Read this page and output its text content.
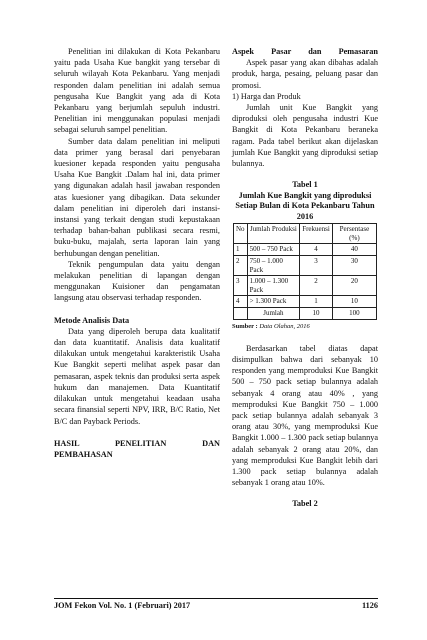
Penelitian ini dilakukan di Kota Pekanbaru yaitu pada Usaha Kue bangkit yang tersebar di seluruh wilayah Kota Pekanbaru. Yang menjadi responden dalam penelitian ini adalah semua pengusaha Kue Bangkit yang ada di Kota Pekanbaru yang berjumlah sepuluh industri. Penelitian ini menggunakan populasi menjadi sebagai seluruh sampel penelitian.

Sumber data dalam penelitian ini meliputi data primer yang berasal dari penyebaran kuesioner kepada responden yaitu pengusaha Usaha Kue Bangkit .Dalam hal ini, data primer yang digunakan adalah hasil jawaban responden atas kuesioner yang dibagikan. Data sekunder dalam penelitian ini diperoleh dari instansi-instansi yang terkait dengan studi kepustakaan terhadap bahan-bahan publikasi secara resmi, buku-buku, majalah, serta laporan lain yang berhubungan dengan penelitian.

Teknik pengumpulan data yaitu dengan melakukan penelitian di lapangan dengan menggunakan Kuisioner dan pengamatan langsung atau observasi terhadap responden.

Metode Analisis Data

Data yang diperoleh berupa data kualitatif dan data kuantitatif. Analisis data kualitatif dilakukan untuk mengetahui karakteristik Usaha Kue Bangkit seperti melihat aspek pasar dan pemasaran, aspek teknis dan produksi serta aspek hukum dan manajemen. Data Kuantitatif dilakukan untuk mengetahui keadaan usaha secara finansial seperti NPV, IRR, B/C Ratio, Net B/C dan Payback Periods.

HASIL PENELITIAN DAN

PEMBAHASAN

Aspek Pasar dan Pemasaran

Aspek pasar yang akan dibahas adalah produk, harga, pesaing, peluang pasar dan promosi.

1) Harga dan Produk

Jumlah unit Kue Bangkit yang diproduksi oleh pengusaha industri Kue Bangkit di Kota Pekanbaru beraneka ragam. Pada tabel berikut akan dijelaskan jumlah Kue Bangkit yang diproduksi setiap bulannya.

Tabel 1
Jumlah Kue Bangkit yang diproduksi Setiap Bulan di Kota Pekanbaru Tahun 2016
No	Jumlah Produksi	Frekuensi	Persentase (%)
1	500 – 750 Pack	4	40
2	750 – 1.000 Pack	3	30
3	1.000 – 1.300 Pack	2	20
4	> 1.300 Pack	1	10
	Jumlah	10	100
Sumber : Data Olahan, 2016

Berdasarkan tabel diatas dapat disimpulkan bahwa dari sebanyak 10 responden yang memproduksi Kue Bangkit 500 – 750 pack setiap bulannya adalah sebanyak 4 orang atau 40% , yang memproduksi Kue Bangkit 750 – 1.000 pack setiap bulannya adalah sebanyak 3 orang atau 30%, yang memproduksi Kue Bangkit 1.000 – 1.300 pack setiap bulannya adalah sebanyak 2 orang atau 20%, dan yang memproduksi Kue Bangkit lebih dari 1.300 pack setiap bulannya adalah sebanyak 1 orang atau 10%.

Tabel 2
JOM Fekon Vol. No. 1 (Februari) 2017	1126
